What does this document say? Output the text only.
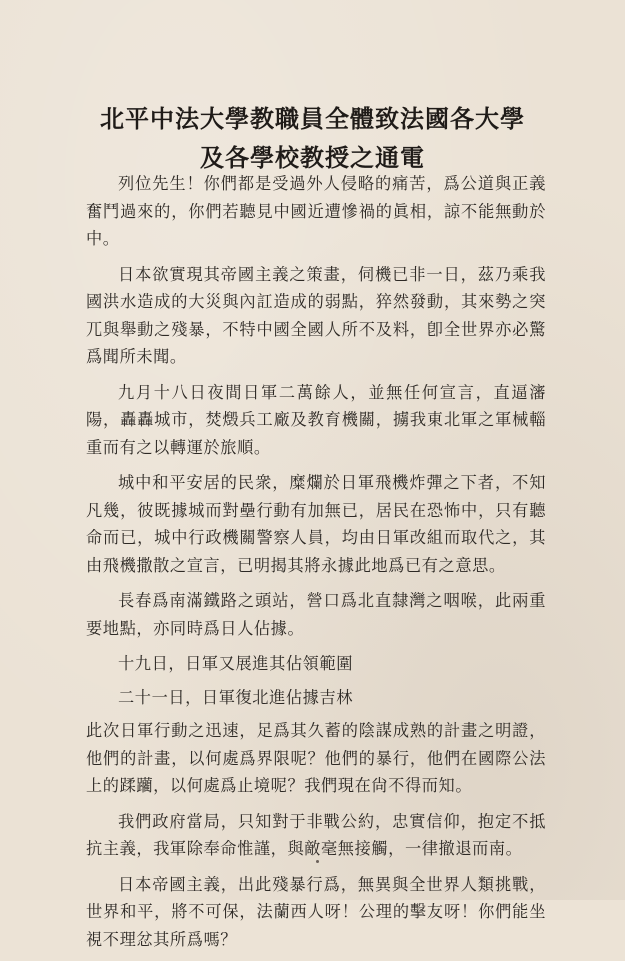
北平中法大學教職員全體致法國各大學
及各學校教授之通電

列位先生！你們都是受過外人侵略的痛苦，爲公道與正義奮鬥過來的，你們若聽見中國近遭慘禍的眞相，諒不能無動於中。

日本欲實現其帝國主義之策畫，伺機已非一日，茲乃乘我國洪水造成的大災與內訌造成的弱點，猝然發動，其來勢之突兀與舉動之殘暴，不特中國全國人所不及料，卽全世界亦必驚爲聞所未聞。

九月十八日夜間日軍二萬餘人，並無任何宣言，直逼瀋陽，轟轟城市，焚燬兵工廠及教育機關，擄我東北軍之軍械輜重而有之以轉運於旅順。

城中和平安居的民衆，糜爛於日軍飛機炸彈之下者，不知凡幾，彼既據城而對壘行動有加無已，居民在恐怖中，只有聽命而已，城中行政機關警察人員，均由日軍改組而取代之，其由飛機撒散之宣言，已明揭其將永據此地爲已有之意思。

長春爲南滿鐵路之頭站，營口爲北直隸灣之咽喉，此兩重要地點，亦同時爲日人佔據。

十九日，日軍又展進其佔領範圍

二十一日，日軍復北進佔據吉林

此次日軍行動之迅速，足爲其久蓄的陰謀成熟的計畫之明證，他們的計畫，以何處爲界限呢？他們的暴行，他們在國際公法上的蹂躪，以何處爲止境呢？我們現在尙不得而知。

我們政府當局，只知對于非戰公約，忠實信仰，抱定不抵抗主義，我軍除奉命惟謹，與敵毫無接觸，一律撤退而南。

日本帝國主義，出此殘暴行爲，無異與全世界人類挑戰，世界和平，將不可保，法蘭西人呀！公理的擊友呀！你們能坐視不理忿其所爲嗎？
